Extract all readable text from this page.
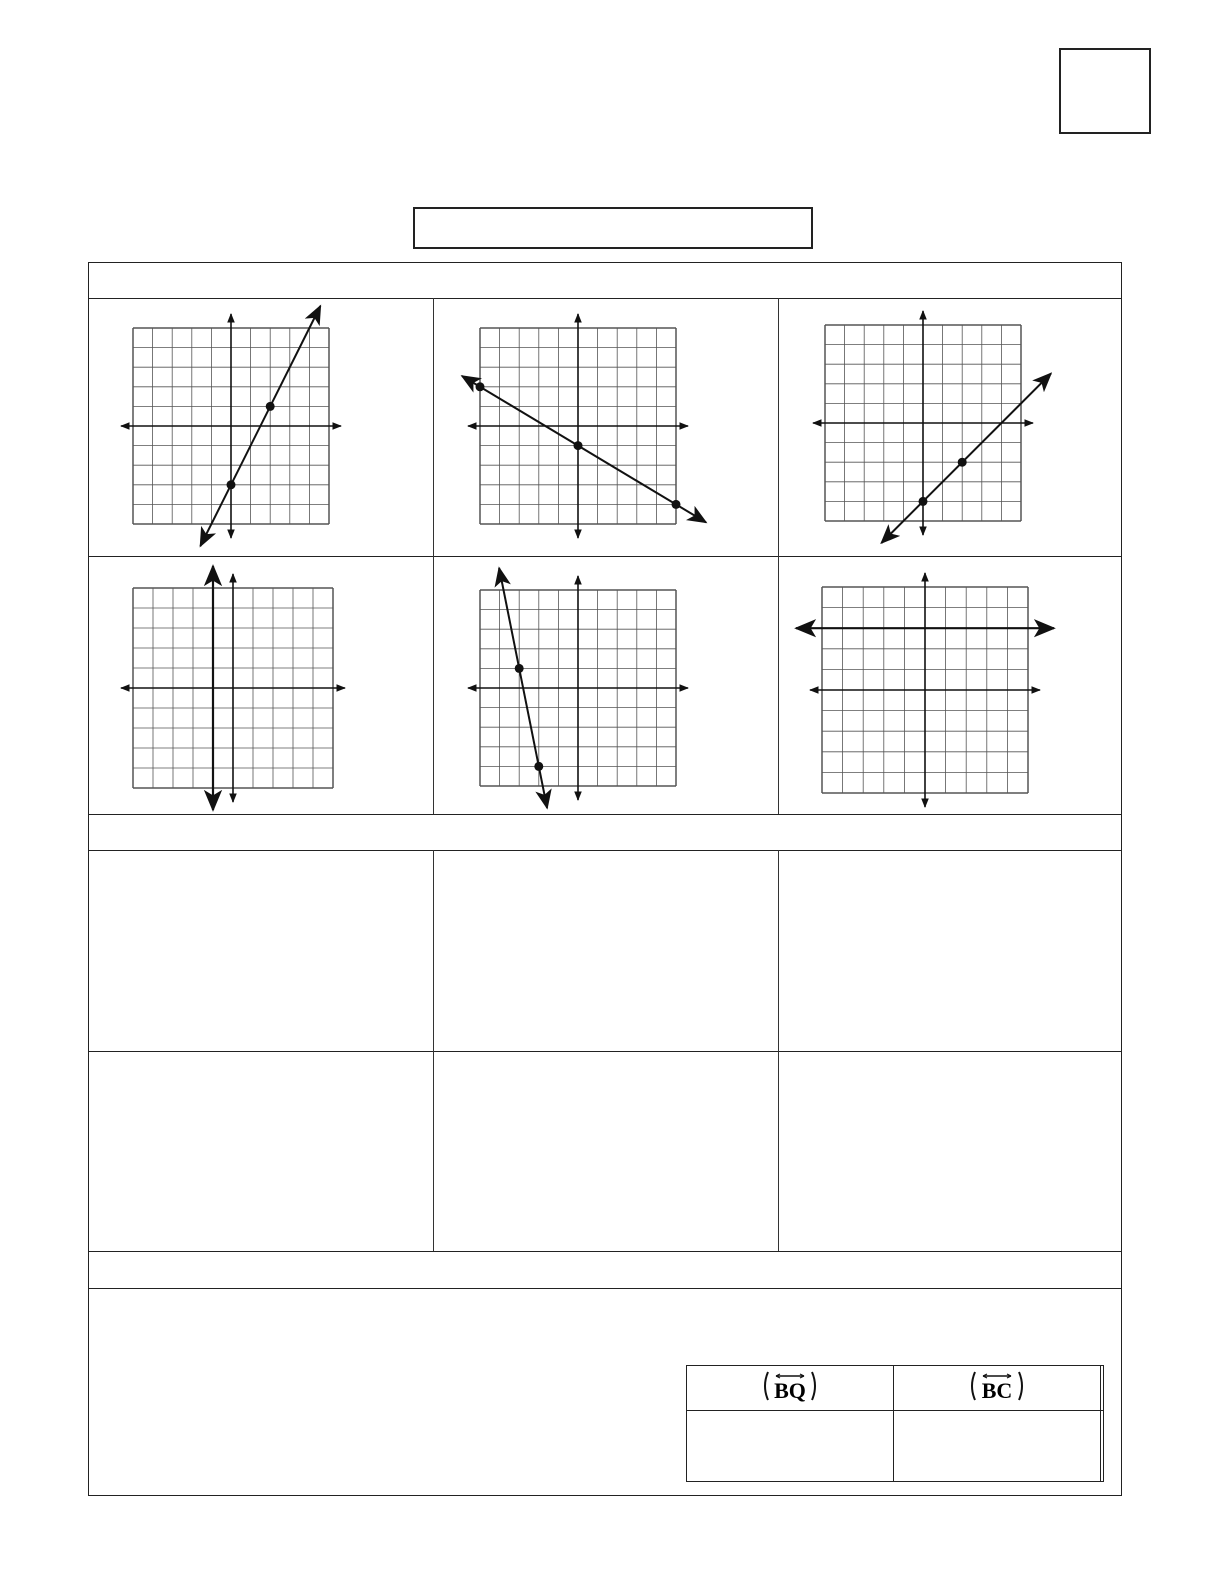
BQ	BC	
